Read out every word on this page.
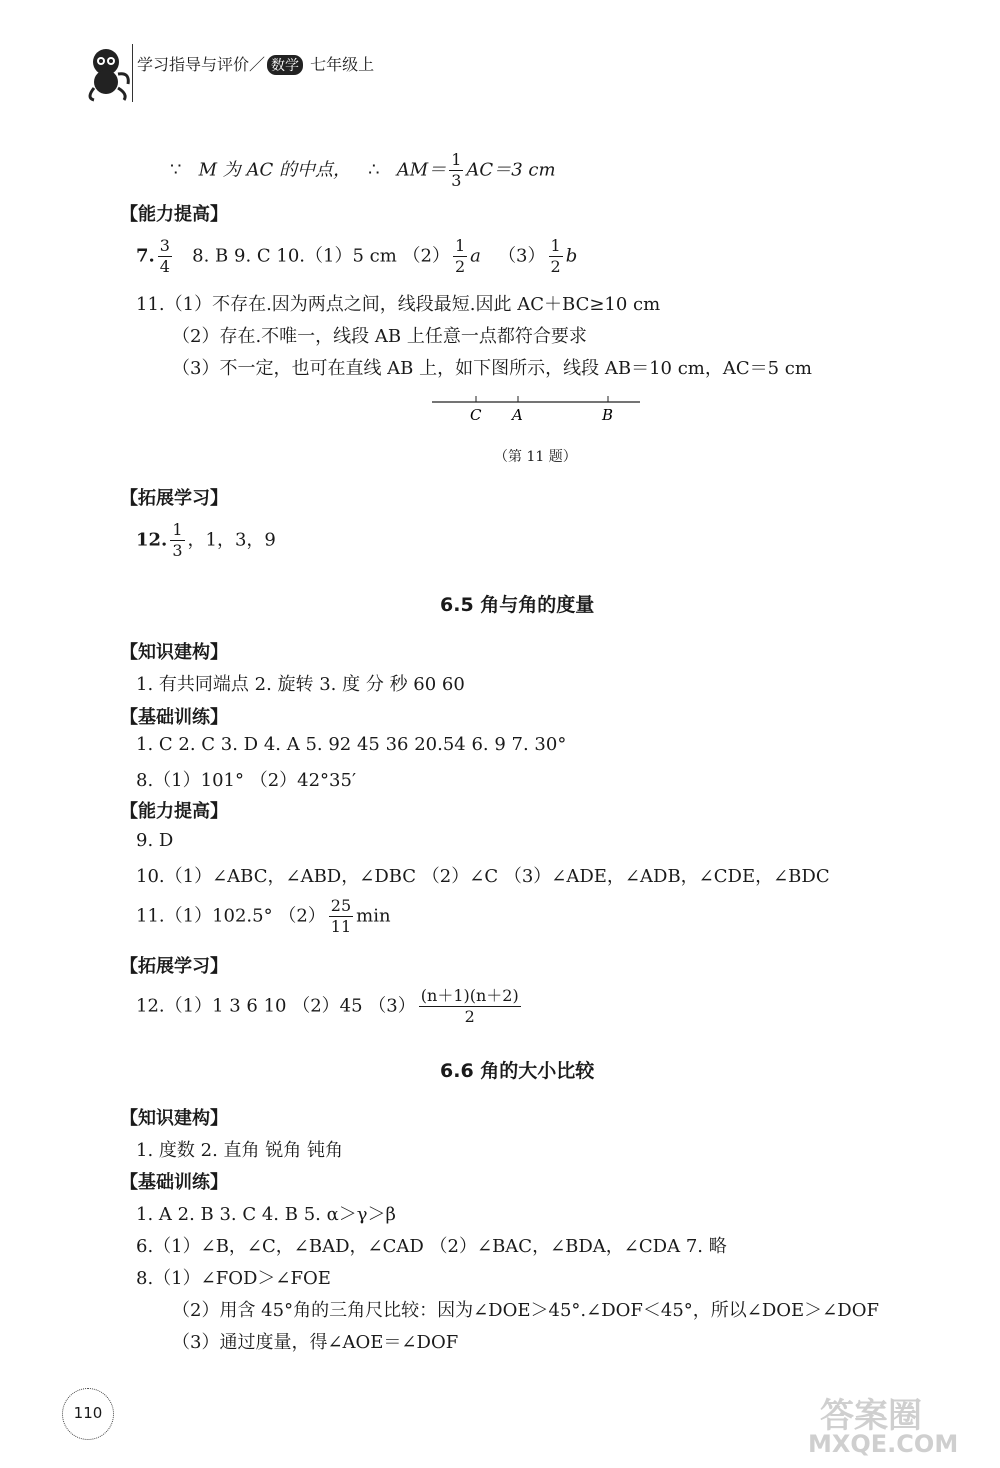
学习指导与评价／ 数学 七年级上
∵ M 为 AC 的中点， ∴ $AM= \frac{1}{3} AC=3$ cm
【能力提高】
7. $\frac{3}{4} 8$. B 9. C 10.（1）5 cm $(2) \frac{1}{2}$ a $(3) \frac{1}{2}$ b
11.（1）不存在.因为两点之间，线段最短.因此 AC＋BC≥10 cm
（2）存在.不唯一，线段 AB 上任意一点都符合要求
（3）不一定，也可在直线 AB 上，如下图所示，线段 AB＝10 cm，AC＝5 cm
C A	B
（第 11 题）
【拓展学习】
12. $\frac{1}{3}$ ，1，3，9
6.5 角与角的度量
【知识建构】
1. 有共同端点 2. 旋转 3. 度 分 秒 60 60
【基础训练】
1. C 2. C 3. D 4. A 5. 92 45 36 20.54 6. 9 7. 30°
8.（1）101° （2）42°35′
【能力提高】
9. D
10.（1）∠ABC，∠ABD，∠DBC （2）∠C （3）∠ADE，∠ADB，∠CDE，∠BDC
11.（1）102.5° $(2) \frac{25}{11}$ min
【拓展学习】
12.（1）1 3 6 10 （2）45 $(3) \frac{(n+1)(n+2)}{2}$
6.6 角的大小比较
【知识建构】
1. 度数 2. 直角 锐角 钝角
【基础训练】
1. A 2. B 3. C 4. B 5. α＞γ＞β
6.（1）∠B，∠C，∠BAD，∠CAD （2）∠BAC，∠BDA，∠CDA 7. 略
8.（1）∠FOD＞∠FOE
（2）用含 45°角的三角尺比较：因为∠DOE＞45°.∠DOF＜45°，所以∠DOE＞∠DOF
（3）通过度量，得∠AOE＝∠DOF
110	答案圈
MXQE.COM
